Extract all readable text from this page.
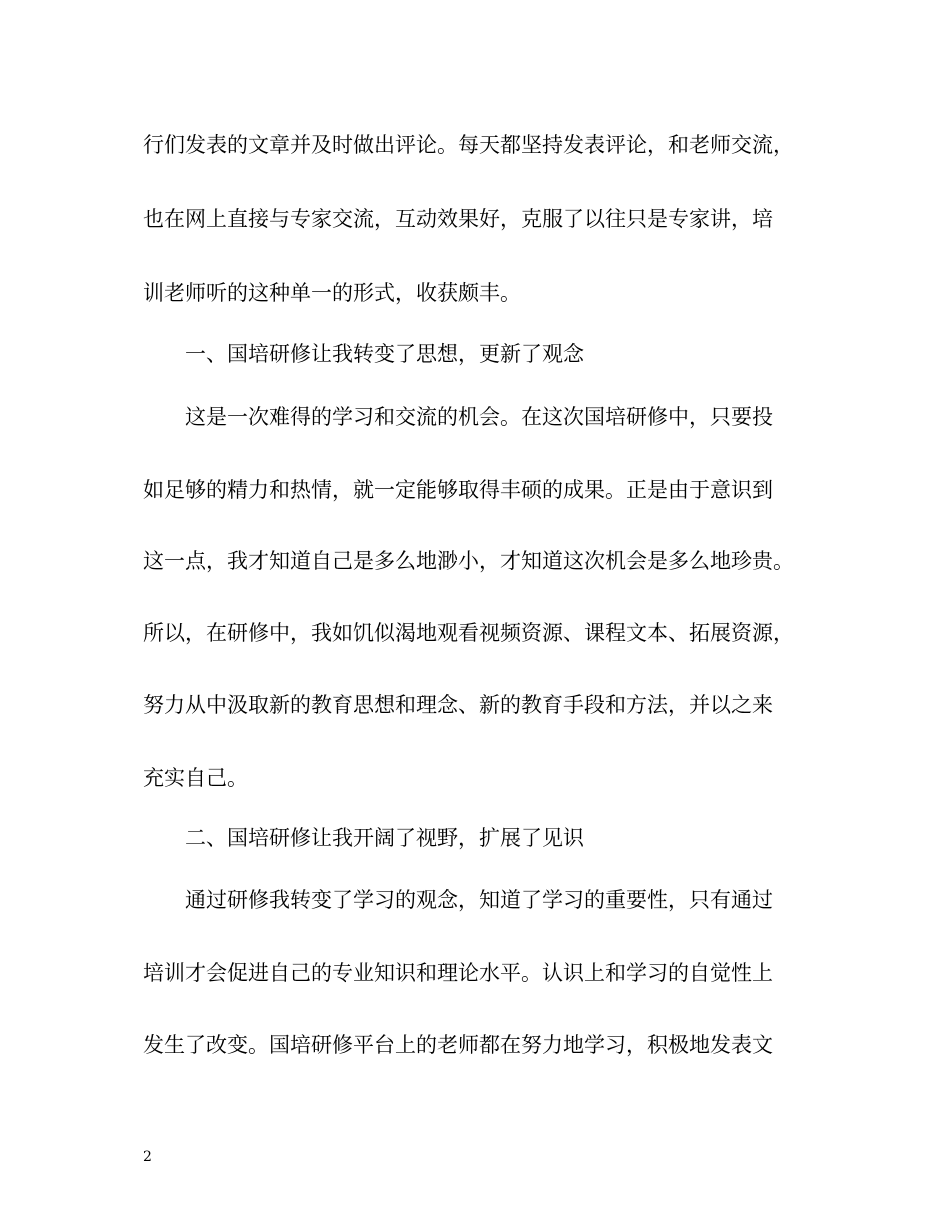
行们发表的文章并及时做出评论。每天都坚持发表评论，和老师交流，
也在网上直接与专家交流，互动效果好，克服了以往只是专家讲，培
训老师听的这种单一的形式，收获颇丰。
一、国培研修让我转变了思想，更新了观念
这是一次难得的学习和交流的机会。在这次国培研修中，只要投
如足够的精力和热情，就一定能够取得丰硕的成果。正是由于意识到
这一点，我才知道自己是多么地渺小，才知道这次机会是多么地珍贵。
所以，在研修中，我如饥似渴地观看视频资源、课程文本、拓展资源，
努力从中汲取新的教育思想和理念、新的教育手段和方法，并以之来
充实自己。
二、国培研修让我开阔了视野，扩展了见识
通过研修我转变了学习的观念，知道了学习的重要性，只有通过
培训才会促进自己的专业知识和理论水平。认识上和学习的自觉性上
发生了改变。国培研修平台上的老师都在努力地学习，积极地发表文
2
